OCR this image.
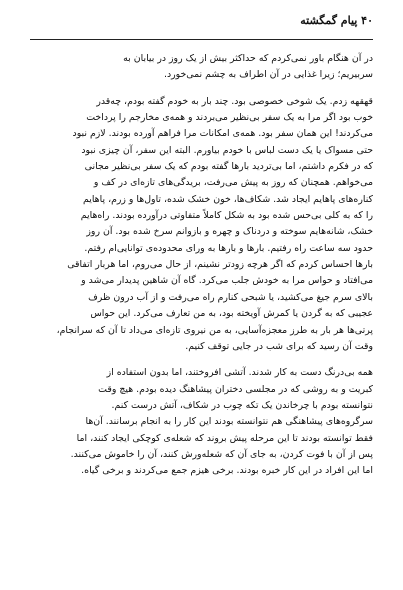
۴۰ پیام گمگشته

در آن هنگام باور نمی‌کردم که حداکثر بیش از یک روز در بیابان به
سربیریم؛ زیرا غذایی در آن اطراف به چشم نمی‌خورد.

قهقهه زدم. یک شوخی خصوصی بود. چند بار به خودم گفته بودم، چه‌قدر
خوب بود اگر مرا به یک سفر بی‌نظیر می‌بردند و همه‌ی مخارجم را پرداخت
می‌کردند! این همان سفر بود. همه‌ی امکانات مرا فراهم آورده بودند. لازم نبود
حتی مسواک یا یک دست لباس با خودم بیاورم. البته این سفر، آن چیزی نبود
که در فکرم داشتم، اما بی‌تردید بارها گفته بودم که یک سفر بی‌نظیر مجانی
می‌خواهم. همچنان که روز به پیش می‌رفت، بریدگی‌های تازه‌ای در کف و
کناره‌های پاهایم ایجاد شد. شکاف‌ها، خون خشک شده، تاول‌ها و زرم، پاهایم
را که به کلی بی‌حس شده بود به شکل کاملاً متفاوتی درآورده بودند. راه‌هایم
خشک، شانه‌هایم سوخته و دردناک و چهره و بازوانم سرخ شده بود. آن روز
حدود سه ساعت راه رفتیم. بارها و بارها به ورای محدوده‌ی توانایی‌ام رفتم.
بارها احساس کردم که اگر هرچه زودتر نشینم، از حال می‌روم، اما هربار اتفاقی
می‌افتاد و حواس مرا به خودش جلب می‌کرد. گاه آن شاهین پدیدار می‌شد و
بالای سرم جیغ می‌کشید، یا شبحی کنارم راه می‌رفت و از آب درون ظرف
عجیبی که به گردن یا کمرش آویخته بود، به من تعارف می‌کرد. این حواس
پرتی‌ها هر بار به طرز معجزه‌آسایی، به من نیروی تازه‌ای می‌داد تا آن که سرانجام،
وقت آن رسید که برای شب در جایی توقف کنیم.

همه بی‌درنگ دست به کار شدند. آتشی افروختند، اما بدون استفاده از
کبریت و به روشی که در مجلسی دختران پیشاهنگ دیده بودم. هیچ وقت
نتوانسته بودم با چرخاندن یک تکه چوب در شکاف، آتش درست کنم.
سرگروه‌های پیشاهنگی هم نتوانسته بودند این کار را به انجام برسانند. آن‌ها
فقط توانسته بودند تا این مرحله پیش بروند که شعله‌ی کوچکی ایجاد کنند، اما
پس از آن با فوت کردن، به جای آن که شعله‌ورش کنند، آن را خاموش می‌کنند.
اما این افراد در این کار خبره بودند. برخی هیزم جمع می‌کردند و برخی گیاه.
